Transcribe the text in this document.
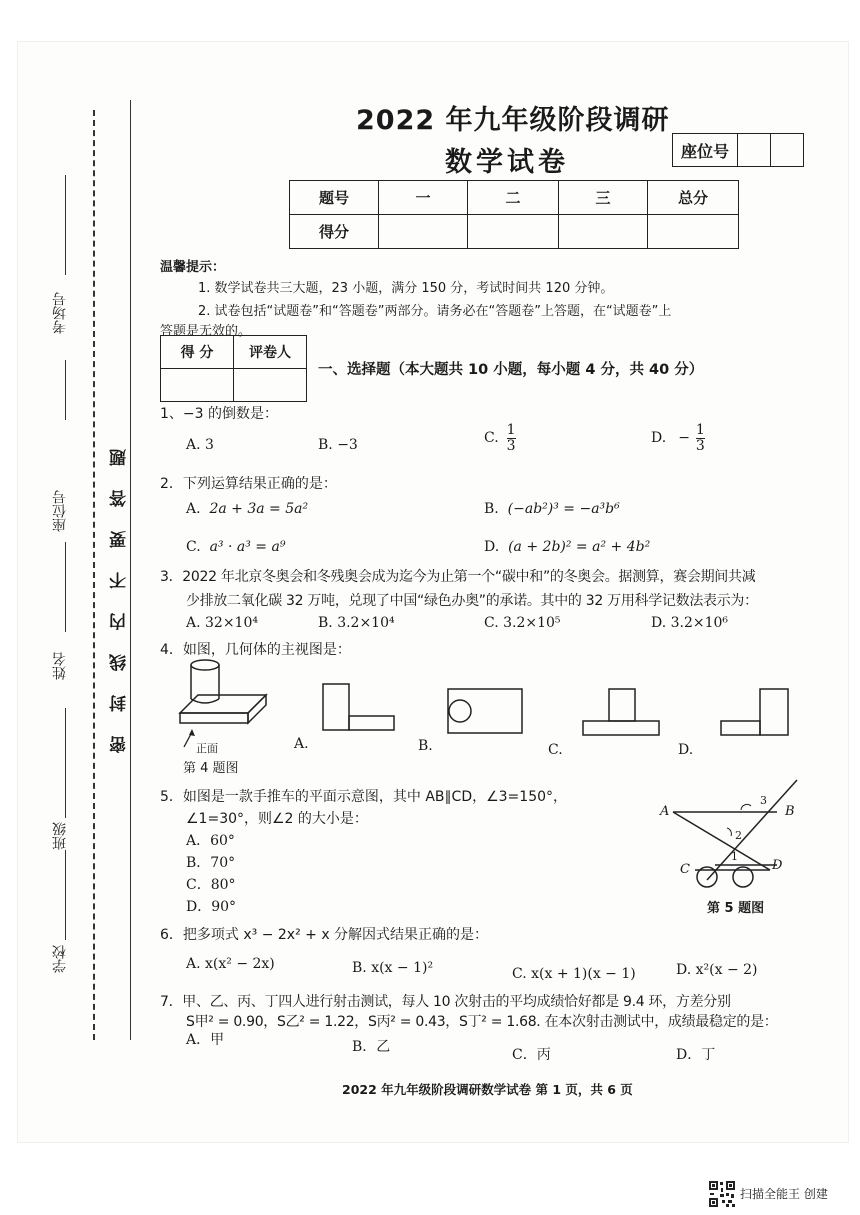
考场号
座位号
姓名
班级
学校
密封线内不要答题
2022 年九年级阶段调研
数学试卷	座位号		
题号	一	二	三	总分
得分				
温馨提示：
1. 数学试卷共三大题，23 小题，满分 150 分，考试时间共 120 分钟。
2. 试卷包括“试题卷”和“答题卷”两部分。请务必在“答题卷”上答题，在“试题卷”上
答题是无效的。
得 分	评卷人

一、选择题（本大题共 10 小题，每小题 4 分，共 40 分）
1、−3 的倒数是：
A. 3	B. −3	C. $\frac{1}{3}$	D. − $\frac{1}{3}$
2．下列运算结果正确的是：
A. 2a + 3a = 5a²	B. (−ab²)³ = −a³b⁶
C. a³ · a³ = a⁹	D. (a + 2b)² = a² + 4b²
3．2022 年北京冬奥会和冬残奥会成为迄今为止第一个“碳中和”的冬奥会。据测算，赛会期间共减
少排放二氧化碳 32 万吨，兑现了中国“绿色办奥”的承诺。其中的 32 万用科学记数法表示为：
A. 32×10⁴	B. 3.2×10⁴	C. 3.2×10⁵	D. 3.2×10⁶
4．如图，几何体的主视图是：
正面
第 4 题图
A.	B.	C.	D.
5．如图是一款手推车的平面示意图，其中 AB∥CD，∠3=150°，
∠1=30°，则∠2 的大小是：
A．60°
B．70°
C．80°
D．90°
A	B
C	D
1
2
3
第 5 题图
6．把多项式 x³ − 2x² + x 分解因式结果正确的是：
A. x(x² − 2x)	B. x(x − 1)²	C. x(x + 1)(x − 1)	D. x²(x − 2)
7．甲、乙、丙、丁四人进行射击测试，每人 10 次射击的平均成绩恰好都是 9.4 环，方差分别
S甲² = 0.90，S乙² = 1.22，S丙² = 0.43，S丁² = 1.68. 在本次射击测试中，成绩最稳定的是：
A．甲	B．乙	C．丙	D．丁
2022 年九年级阶段调研数学试卷 第 1 页，共 6 页
扫描全能王 创建
